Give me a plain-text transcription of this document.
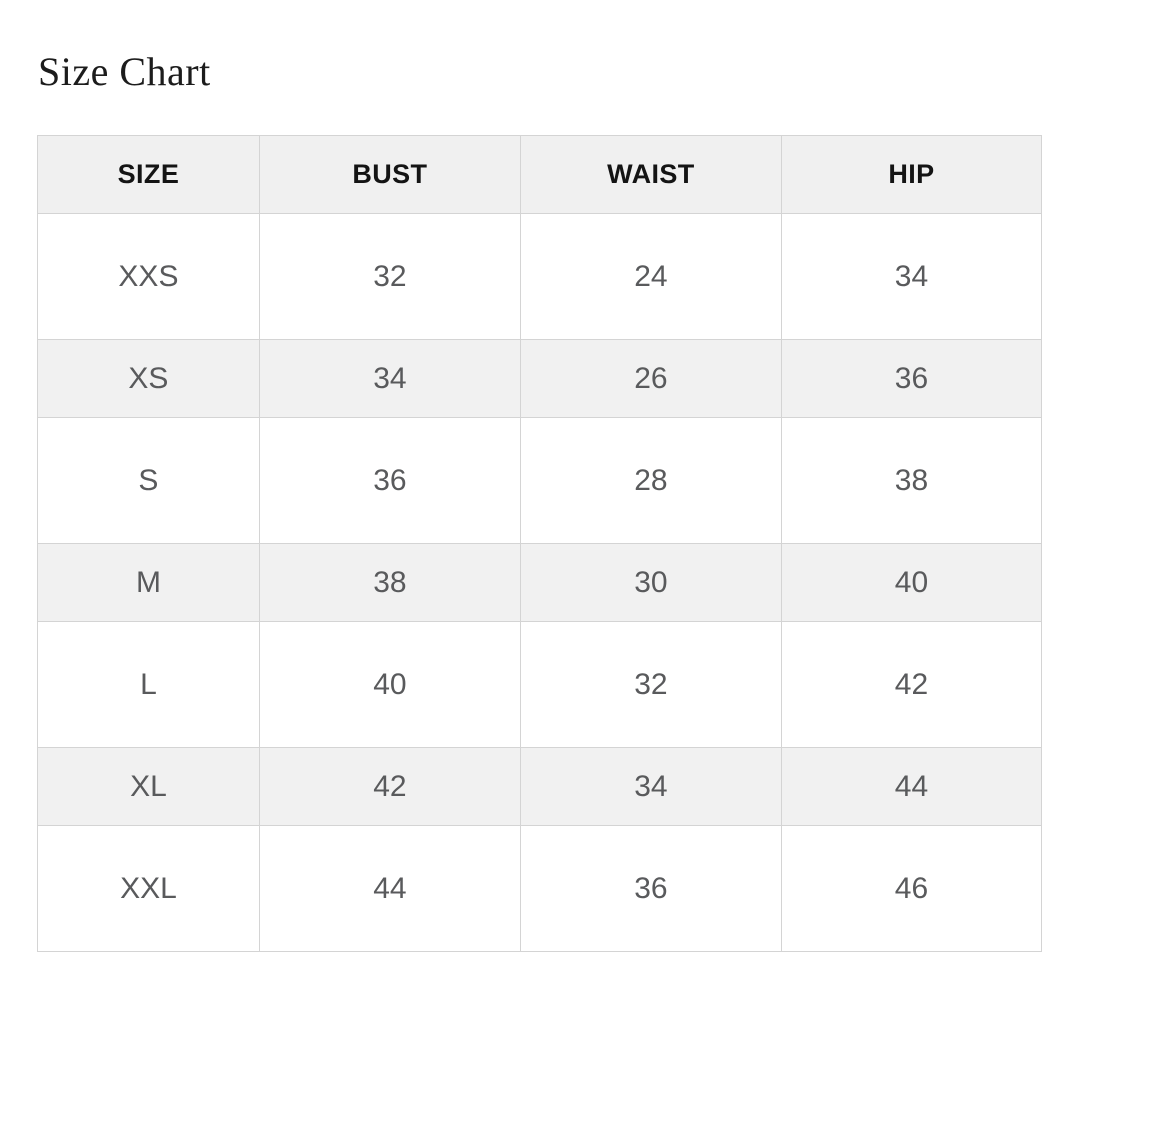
Size Chart
SIZE	BUST	WAIST	HIP
XXS	32	24	34
XS	34	26	36
S	36	28	38
M	38	30	40
L	40	32	42
XL	42	34	44
XXL	44	36	46
